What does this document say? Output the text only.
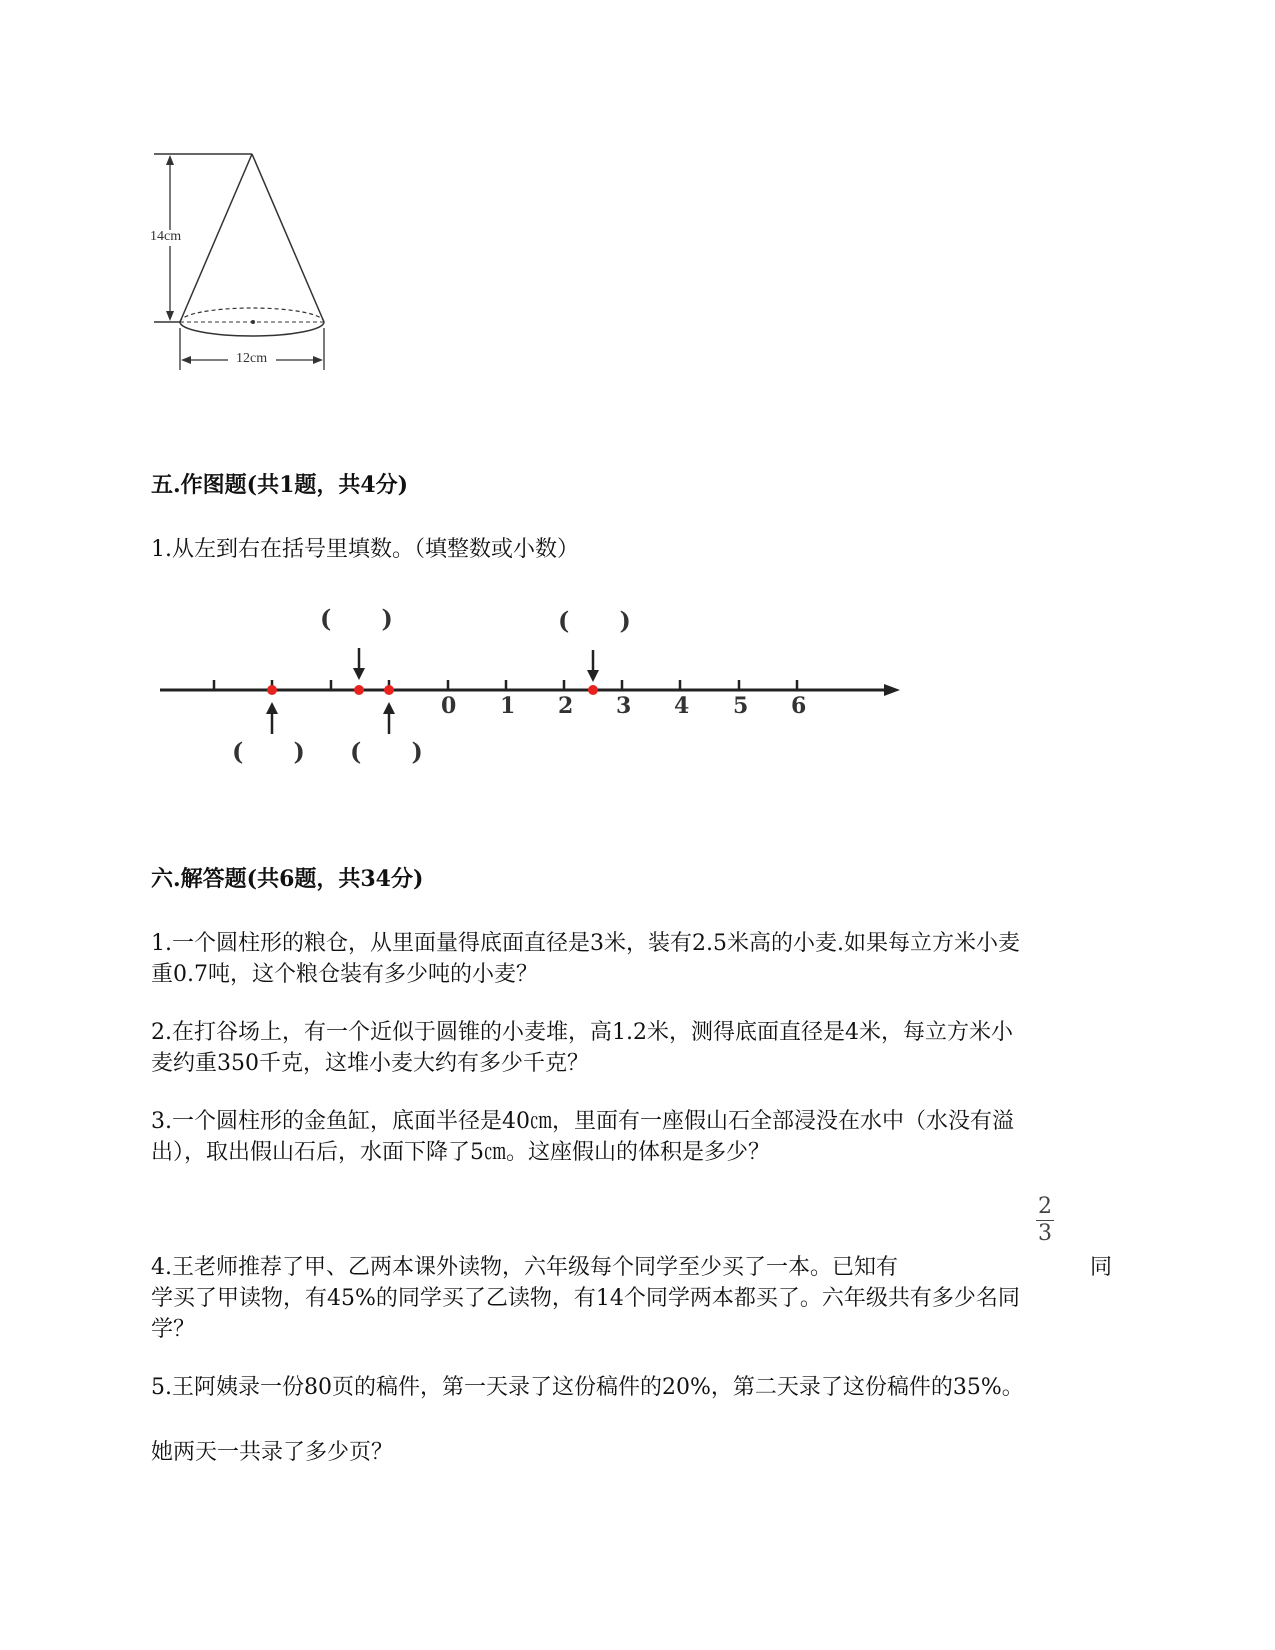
14cm
12cm
五.作图题(共1题，共4分)
1.从左到右在括号里填数。（填整数或小数）
0 1 2 3 4 5 6
(      )	(      )
(      ) (      )
六.解答题(共6题，共34分)
1.一个圆柱形的粮仓，从里面量得底面直径是3米，装有2.5米高的小麦.如果每立方米小麦
重0.7吨，这个粮仓装有多少吨的小麦？
2.在打谷场上，有一个近似于圆锥的小麦堆，高1.2米，测得底面直径是4米，每立方米小
麦约重350千克，这堆小麦大约有多少千克？
3.一个圆柱形的金鱼缸，底面半径是40㎝，里面有一座假山石全部浸没在水中（水没有溢
出），取出假山石后，水面下降了5㎝。这座假山的体积是多少？
2
3
4.王老师推荐了甲、乙两本课外读物，六年级每个同学至少买了一本。已知有	同
学买了甲读物，有45%的同学买了乙读物，有14个同学两本都买了。六年级共有多少名同
学？
5.王阿姨录一份80页的稿件，第一天录了这份稿件的20%，第二天录了这份稿件的35%。
她两天一共录了多少页？
